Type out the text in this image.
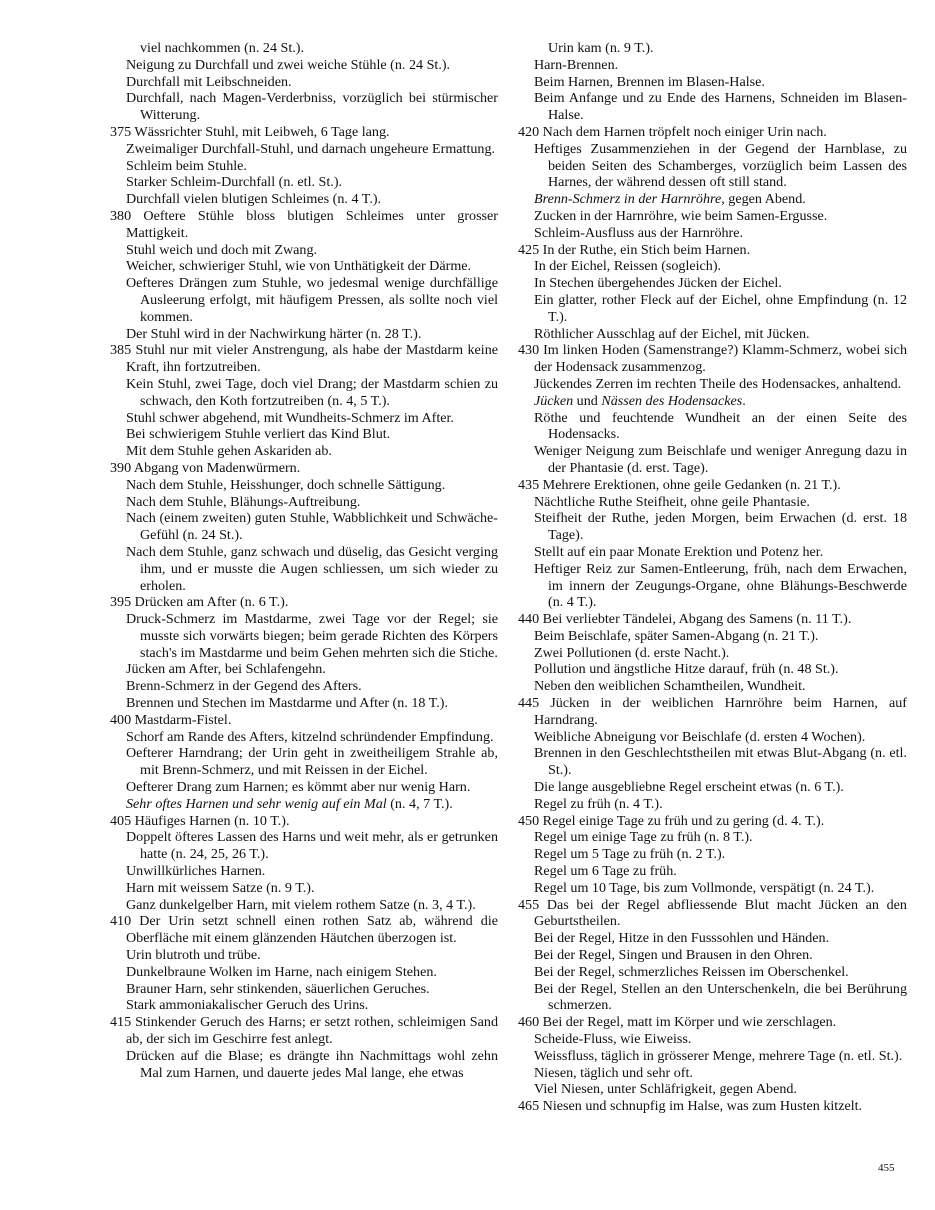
viel nachkommen (n. 24 St.).

Neigung zu Durchfall und zwei weiche Stühle (n. 24 St.).

Durchfall mit Leibschneiden.

Durchfall, nach Magen-Verderbniss, vorzüglich bei stürmischer Witterung.

375 Wässrichter Stuhl, mit Leibweh, 6 Tage lang.

Zweimaliger Durchfall-Stuhl, und darnach ungeheure Ermattung.

Schleim beim Stuhle.

Starker Schleim-Durchfall (n. etl. St.).

Durchfall vielen blutigen Schleimes (n. 4 T.).

380 Oeftere Stühle bloss blutigen Schleimes unter grosser Mattigkeit.

Stuhl weich und doch mit Zwang.

Weicher, schwieriger Stuhl, wie von Unthätigkeit der Därme.

Oefteres Drängen zum Stuhle, wo jedesmal wenige durchfällige Ausleerung erfolgt, mit häufigem Pressen, als sollte noch viel kommen.

Der Stuhl wird in der Nachwirkung härter (n. 28 T.).

385 Stuhl nur mit vieler Anstrengung, als habe der Mastdarm keine Kraft, ihn fortzutreiben.

Kein Stuhl, zwei Tage, doch viel Drang; der Mastdarm schien zu schwach, den Koth fortzutreiben (n. 4, 5 T.).

Stuhl schwer abgehend, mit Wundheits-Schmerz im After.

Bei schwierigem Stuhle verliert das Kind Blut.

Mit dem Stuhle gehen Askariden ab.

390 Abgang von Madenwürmern.

Nach dem Stuhle, Heisshunger, doch schnelle Sättigung.

Nach dem Stuhle, Blähungs-Auftreibung.

Nach (einem zweiten) guten Stuhle, Wabblichkeit und Schwäche-Gefühl (n. 24 St.).

Nach dem Stuhle, ganz schwach und düselig, das Gesicht verging ihm, und er musste die Augen schliessen, um sich wieder zu erholen.

395 Drücken am After (n. 6 T.).

Druck-Schmerz im Mastdarme, zwei Tage vor der Regel; sie musste sich vorwärts biegen; beim gerade Richten des Körpers stach's im Mastdarme und beim Gehen mehrten sich die Stiche.

Jücken am After, bei Schlafengehn.

Brenn-Schmerz in der Gegend des Afters.

Brennen und Stechen im Mastdarme und After (n. 18 T.).

400 Mastdarm-Fistel.

Schorf am Rande des Afters, kitzelnd schründender Empfindung.

Oefterer Harndrang; der Urin geht in zweitheiligem Strahle ab, mit Brenn-Schmerz, und mit Reissen in der Eichel.

Oefterer Drang zum Harnen; es kömmt aber nur wenig Harn.

Sehr oftes Harnen und sehr wenig auf ein Mal (n. 4, 7 T.).

405 Häufiges Harnen (n. 10 T.).

Doppelt öfteres Lassen des Harns und weit mehr, als er getrunken hatte (n. 24, 25, 26 T.).

Unwillkürliches Harnen.

Harn mit weissem Satze (n. 9 T.).

Ganz dunkelgelber Harn, mit vielem rothem Satze (n. 3, 4 T.).

410 Der Urin setzt schnell einen rothen Satz ab, während die Oberfläche mit einem glänzenden Häutchen überzogen ist.

Urin blutroth und trübe.

Dunkelbraune Wolken im Harne, nach einigem Stehen.

Brauner Harn, sehr stinkenden, säuerlichen Geruches.

Stark ammoniakalischer Geruch des Urins.

415 Stinkender Geruch des Harns; er setzt rothen, schleimigen Sand ab, der sich im Geschirre fest anlegt.

Drücken auf die Blase; es drängte ihn Nachmittags wohl zehn Mal zum Harnen, und dauerte jedes Mal lange, ehe etwas

Urin kam (n. 9 T.).

Harn-Brennen.

Beim Harnen, Brennen im Blasen-Halse.

Beim Anfange und zu Ende des Harnens, Schneiden im Blasen-Halse.

420 Nach dem Harnen tröpfelt noch einiger Urin nach.

Heftiges Zusammenziehen in der Gegend der Harnblase, zu beiden Seiten des Schamberges, vorzüglich beim Lassen des Harnes, der während dessen oft still stand.

Brenn-Schmerz in der Harnröhre, gegen Abend.

Zucken in der Harnröhre, wie beim Samen-Ergusse.

Schleim-Ausfluss aus der Harnröhre.

425 In der Ruthe, ein Stich beim Harnen.

In der Eichel, Reissen (sogleich).

In Stechen übergehendes Jücken der Eichel.

Ein glatter, rother Fleck auf der Eichel, ohne Empfindung (n. 12 T.).

Röthlicher Ausschlag auf der Eichel, mit Jücken.

430 Im linken Hoden (Samenstrange?) Klamm-Schmerz, wobei sich der Hodensack zusammenzog.

Jückendes Zerren im rechten Theile des Hodensackes, anhaltend.

Jücken und Nässen des Hodensackes.

Röthe und feuchtende Wundheit an der einen Seite des Hodensacks.

Weniger Neigung zum Beischlafe und weniger Anregung dazu in der Phantasie (d. erst. Tage).

435 Mehrere Erektionen, ohne geile Gedanken (n. 21 T.).

Nächtliche Ruthe Steifheit, ohne geile Phantasie.

Steifheit der Ruthe, jeden Morgen, beim Erwachen (d. erst. 18 Tage).

Stellt auf ein paar Monate Erektion und Potenz her.

Heftiger Reiz zur Samen-Entleerung, früh, nach dem Erwachen, im innern der Zeugungs-Organe, ohne Blähungs-Beschwerde (n. 4 T.).

440 Bei verliebter Tändelei, Abgang des Samens (n. 11 T.).

Beim Beischlafe, später Samen-Abgang (n. 21 T.).

Zwei Pollutionen (d. erste Nacht.).

Pollution und ängstliche Hitze darauf, früh (n. 48 St.).

Neben den weiblichen Schamtheilen, Wundheit.

445 Jücken in der weiblichen Harnröhre beim Harnen, auf Harndrang.

Weibliche Abneigung vor Beischlafe (d. ersten 4 Wochen).

Brennen in den Geschlechtstheilen mit etwas Blut-Abgang (n. etl. St.).

Die lange ausgebliebne Regel erscheint etwas (n. 6 T.).

Regel zu früh (n. 4 T.).

450 Regel einige Tage zu früh und zu gering (d. 4. T.).

Regel um einige Tage zu früh (n. 8 T.).

Regel um 5 Tage zu früh (n. 2 T.).

Regel um 6 Tage zu früh.

Regel um 10 Tage, bis zum Vollmonde, verspätigt (n. 24 T.).

455 Das bei der Regel abfliessende Blut macht Jücken an den Geburtstheilen.

Bei der Regel, Hitze in den Fusssohlen und Händen.

Bei der Regel, Singen und Brausen in den Ohren.

Bei der Regel, schmerzliches Reissen im Oberschenkel.

Bei der Regel, Stellen an den Unterschenkeln, die bei Berührung schmerzen.

460 Bei der Regel, matt im Körper und wie zerschlagen.

Scheide-Fluss, wie Eiweiss.

Weissfluss, täglich in grösserer Menge, mehrere Tage (n. etl. St.).

Niesen, täglich und sehr oft.

Viel Niesen, unter Schläfrigkeit, gegen Abend.

465 Niesen und schnupfig im Halse, was zum Husten kitzelt.

455
